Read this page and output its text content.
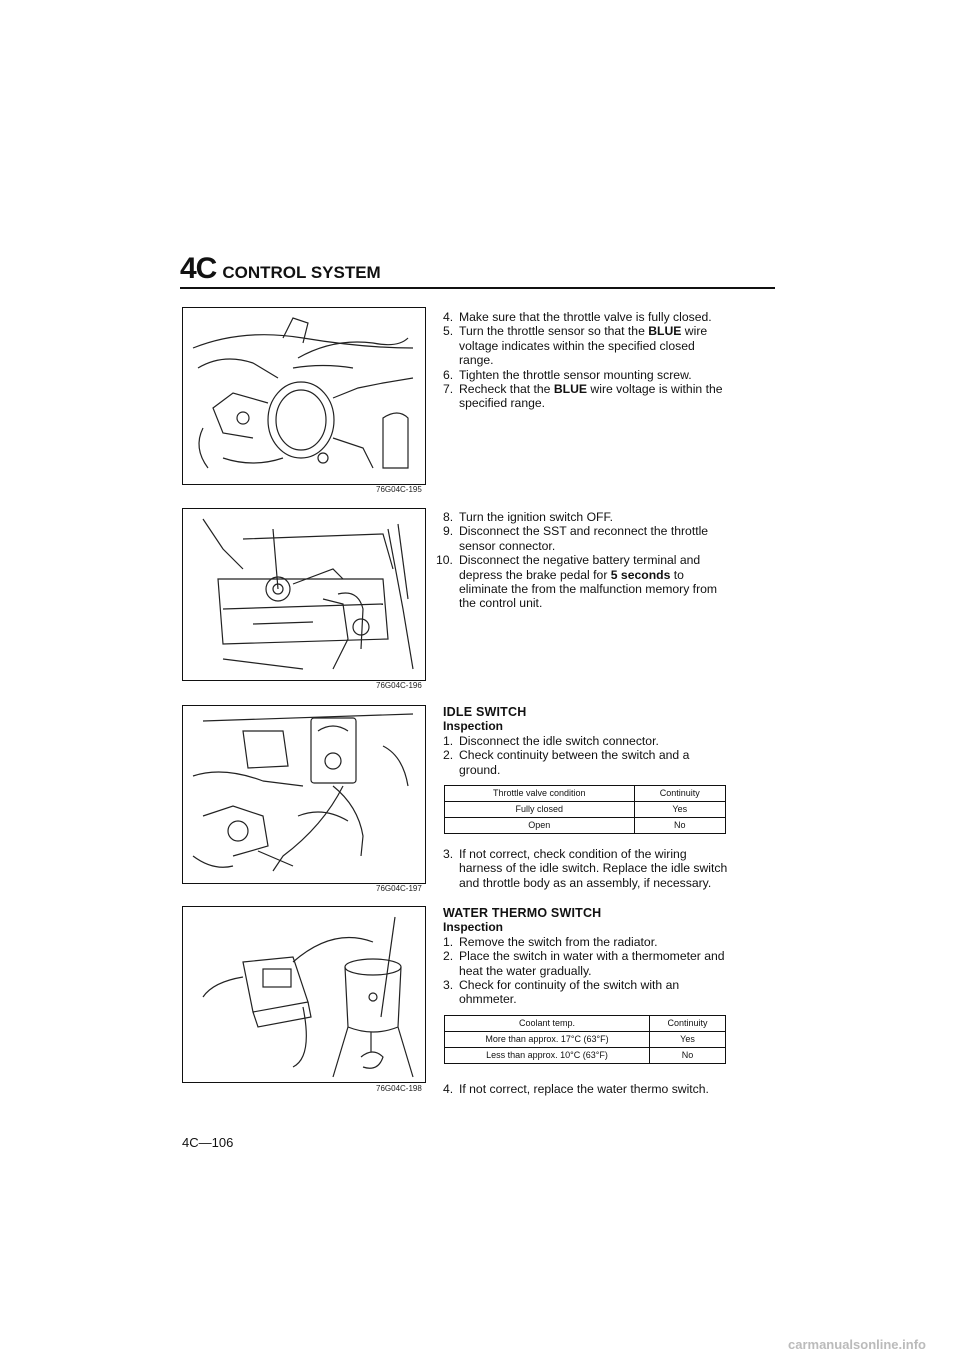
4C CONTROL SYSTEM
76G04C-195
76G04C-196
76G04C-197
76G04C-198
4. Make sure that the throttle valve is fully closed.
5. Turn the throttle sensor so that the BLUE wire voltage indicates within the specified closed range.
6. Tighten the throttle sensor mounting screw.
7. Recheck that the BLUE wire voltage is within the specified range.
8. Turn the ignition switch OFF.
9. Disconnect the SST and reconnect the throttle sensor connector.
10. Disconnect the negative battery terminal and depress the brake pedal for 5 seconds to eliminate the from the malfunction memory from the control unit.
IDLE SWITCH
Inspection
1. Disconnect the idle switch connector.
2. Check continuity between the switch and a ground.
Throttle valve condition	Continuity
Fully closed	Yes
Open	No
3. If not correct, check condition of the wiring harness of the idle switch. Replace the idle switch and throttle body as an assembly, if necessary.
WATER THERMO SWITCH
Inspection
1. Remove the switch from the radiator.
2. Place the switch in water with a thermometer and heat the water gradually.
3. Check for continuity of the switch with an ohmmeter.
Coolant temp.	Continuity
More than approx. 17°C (63°F)	Yes
Less than approx. 10°C (63°F)	No
4. If not correct, replace the water thermo switch.
4C—106
carmanualsonline.info
